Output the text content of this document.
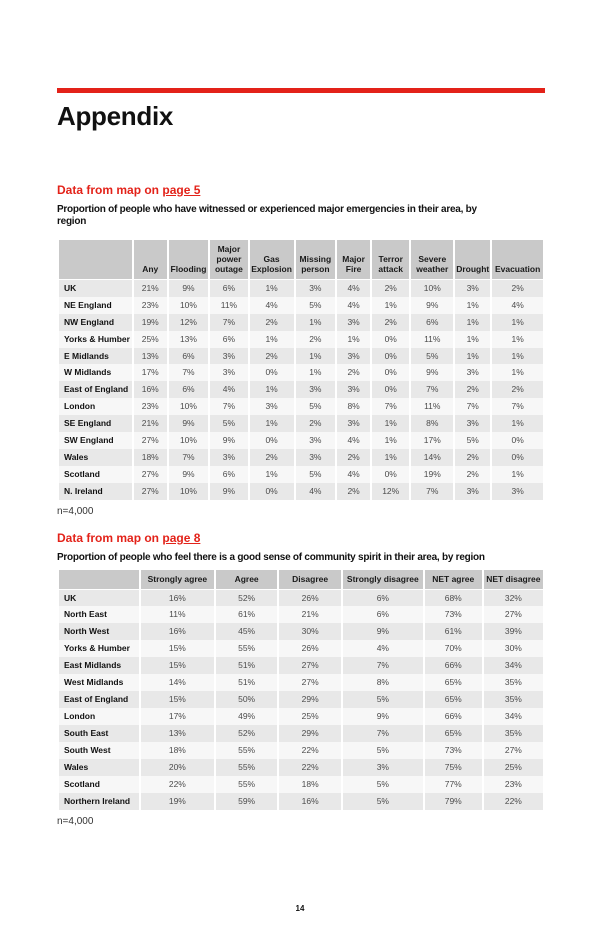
Appendix
Data from map on page 5

Proportion of people who have witnessed or experienced major emergencies in their area, by region

	Any	Flooding	Major power outage	Gas Explosion	Missing person	Major Fire	Terror attack	Severe weather	Drought	Evacuation
UK	21%	9%	6%	1%	3%	4%	2%	10%	3%	2%
NE England	23%	10%	11%	4%	5%	4%	1%	9%	1%	4%
NW England	19%	12%	7%	2%	1%	3%	2%	6%	1%	1%
Yorks & Humber	25%	13%	6%	1%	2%	1%	0%	11%	1%	1%
E Midlands	13%	6%	3%	2%	1%	3%	0%	5%	1%	1%
W Midlands	17%	7%	3%	0%	1%	2%	0%	9%	3%	1%
East of England	16%	6%	4%	1%	3%	3%	0%	7%	2%	2%
London	23%	10%	7%	3%	5%	8%	7%	11%	7%	7%
SE England	21%	9%	5%	1%	2%	3%	1%	8%	3%	1%
SW England	27%	10%	9%	0%	3%	4%	1%	17%	5%	0%
Wales	18%	7%	3%	2%	3%	2%	1%	14%	2%	0%
Scotland	27%	9%	6%	1%	5%	4%	0%	19%	2%	1%
N. Ireland	27%	10%	9%	0%	4%	2%	12%	7%	3%	3%

n=4,000

Data from map on page 8

Proportion of people who feel there is a good sense of community spirit in their area, by region

	Strongly agree	Agree	Disagree	Strongly disagree	NET agree	NET disagree
UK	16%	52%	26%	6%	68%	32%
North East	11%	61%	21%	6%	73%	27%
North West	16%	45%	30%	9%	61%	39%
Yorks & Humber	15%	55%	26%	4%	70%	30%
East Midlands	15%	51%	27%	7%	66%	34%
West Midlands	14%	51%	27%	8%	65%	35%
East of England	15%	50%	29%	5%	65%	35%
London	17%	49%	25%	9%	66%	34%
South East	13%	52%	29%	7%	65%	35%
South West	18%	55%	22%	5%	73%	27%
Wales	20%	55%	22%	3%	75%	25%
Scotland	22%	55%	18%	5%	77%	23%
Northern Ireland	19%	59%	16%	5%	79%	22%

n=4,000

14
